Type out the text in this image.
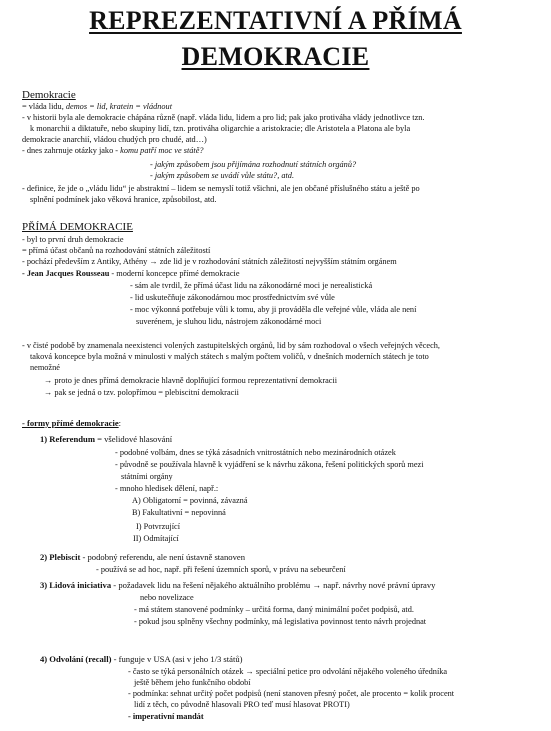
REPREZENTATIVNÍ A PŘÍMÁ
DEMOKRACIE
Demokracie
= vláda lidu, demos = lid, kratein = vládnout
- v historii byla ale demokracie chápána různě (např. vláda lidu, lidem a pro lid; pak jako protiváha vlády jednotlivce tzn.
k monarchii a diktatuře, nebo skupiny lidí, tzn. protiváha oligarchie a aristokracie; dle Aristotela a Platona ale byla
demokracie anarchií, vládou chudých pro chudé, atd…)
- dnes zahrnuje otázky jako - komu patří moc ve státě?
- jakým způsobem jsou přijímána rozhodnutí státních orgánů?
- jakým způsobem se uvádí vůle státu?, atd.
- definice, že jde o „vládu lidu“ je abstraktní – lidem se nemyslí totiž všichni, ale jen občané příslušného státu a ještě po
splnění podmínek jako věková hranice, způsobilost, atd.
PŘÍMÁ DEMOKRACIE
- byl to první druh demokracie
= přímá účast občanů na rozhodování státních záležitostí
- pochází především z Antiky, Athény → zde lid je v rozhodování státních záležitostí nejvyšším státním orgánem
- Jean Jacques Rousseau - moderní koncepce přímé demokracie
- sám ale tvrdil, že přímá účast lidu na zákonodárné moci je nerealistická
- lid uskutečňuje zákonodárnou moc prostřednictvím své vůle
- moc výkonná potřebuje vůli k tomu, aby ji prováděla dle veřejné vůle, vláda ale není
suverénem, je sluhou lidu, nástrojem zákonodárné moci
- v čisté podobě by znamenala neexistenci volených zastupitelských orgánů, lid by sám rozhodoval o všech veřejných věcech,
taková koncepce byla možná v minulosti v malých státech s malým počtem voličů, v dnešních moderních státech je toto
nemožné
→ proto je dnes přímá demokracie hlavně doplňující formou reprezentativní demokracii
→ pak se jedná o tzv. polopřímou = plebiscitní demokracii
- formy přímé demokracie:
1) Referendum = všelidové hlasování
- podobné volbám, dnes se týká zásadních vnitrostátních nebo mezinárodních otázek
- původně se používala hlavně k vyjádření se k návrhu zákona, řešení politických sporů mezi
státními orgány
- mnoho hledisek dělení, např.:
A) Obligatorní = povinná, závazná
B) Fakultativní = nepovinná
I) Potvrzující
II) Odmítající
2) Plebiscit - podobný referendu, ale není ústavně stanoven
- používá se ad hoc, např. při řešení územních sporů, v právu na sebeurčení
3) Lidová iniciativa - požadavek lidu na řešení nějakého aktuálního problému → např. návrhy nové právní úpravy
nebo novelizace
- má státem stanovené podmínky – určitá forma, daný minimální počet podpisů, atd.
- pokud jsou splněny všechny podmínky, má legislativa povinnost tento návrh projednat
4) Odvolání (recall) - funguje v USA (asi v jeho 1/3 států)
- často se týká personálních otázek → speciální petice pro odvolání nějakého voleného úředníka
ještě během jeho funkčního období
- podmínka: sehnat určitý počet podpisů (není stanoven přesný počet, ale procento = kolik procent
lidí z těch, co původně hlasovali PRO teď musí hlasovat PROTI)
- imperativní mandát
